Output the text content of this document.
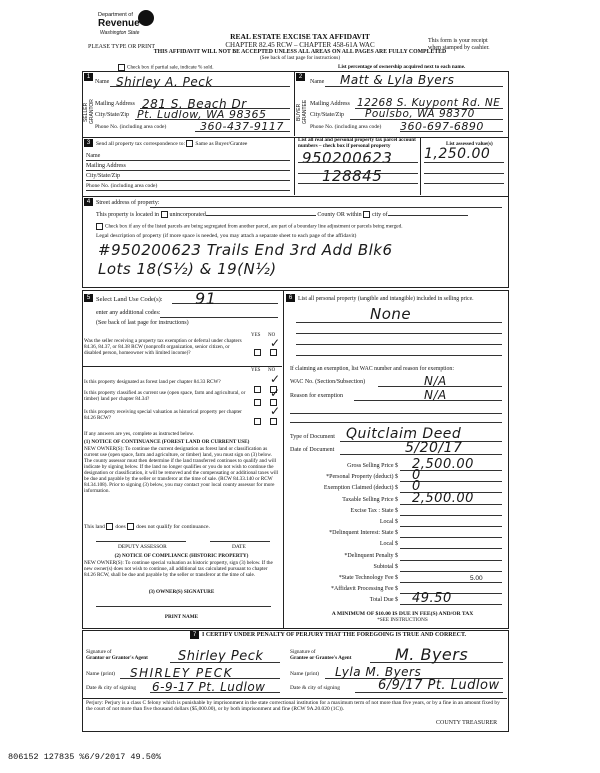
Department of
Revenue
Washington State	REAL ESTATE EXCISE TAX AFFIDAVIT
CHAPTER 82.45 RCW – CHAPTER 458-61A WAC
THIS AFFIDAVIT WILL NOT BE ACCEPTED UNLESS ALL AREAS ON ALL PAGES ARE FULLY COMPLETED
(See back of last page for instructions)
PLEASE TYPE OR PRINT
This form is your receipt when stamped by cashier.
Check box if partial sale, indicate % sold.	List percentage of ownership acquired next to each name.
1	2
SELLER GRANTOR	BUYER GRANTEE
Name Shirley A. Peck
Mailing Address 281 S. Beach Dr
City/State/Zip Pt. Ludlow, WA 98365
Phone No. (including area code)	360-437-9117
Name Matt & Lyla Byers
Mailing Address 12268 S. Kuypont Rd. NE
City/State/Zip Poulsbo, WA 98370
Phone No. (including area code) 360-697-6890
3	Send all property tax correspondence to: Same as Buyer/Grantee
Name
Mailing Address
City/State/Zip
Phone No. (including area code)
List all real and personal property tax parcel account numbers – check box if personal property	List assessed value(s)
950200623
128845
1,250.00
4 Street address of property:
This property is located in unincorporated	County OR within city of
Check box if any of the listed parcels are being segregated from another parcel, are part of a boundary line adjustment or parcels being merged.
Legal description of property (if more space is needed, you may attach a separate sheet to each page of the affidavit)
#950200623 Trails End 3rd Add Blk6
Lots 18(S½) & 19(N½)
5 Select Land Use Code(s): 91
enter any additional codes:
(See back of last page for instructions)
YES NO
Was the seller receiving a property tax exemption or deferral under chapters 84.36, 84.37, or 84.38 RCW (nonprofit organization, senior citizen, or disabled person, homeowner with limited income)?
✓
YES NO
Is this property designated as forest land per chapter 84.33 RCW?	✓
Is this property classified as current use (open space, farm and agricultural, or timber) land per chapter 84.34?	✓
Is this property receiving special valuation as historical property per chapter 84.26 RCW?	✓
If any answers are yes, complete as instructed below.
(1) NOTICE OF CONTINUANCE (FOREST LAND OR CURRENT USE)
NEW OWNER(S): To continue the current designation as forest land or classification as current use (open space, farm and agriculture, or timber) land, you must sign on (3) below. The county assessor must then determine if the land transferred continues to qualify and will indicate by signing below. If the land no longer qualifies or you do not wish to continue the designation or classification, it will be removed and the compensating or additional taxes will be due and payable by the seller or transferor at the time of sale. (RCW 84.33.140 or RCW 84.34.108). Prior to signing (3) below, you may contact your local county assessor for more information.
This land does does not qualify for continuance.
DEPUTY ASSESSOR	DATE
(2) NOTICE OF COMPLIANCE (HISTORIC PROPERTY)
NEW OWNER(S): To continue special valuation as historic property, sign (3) below. If the new owner(s) does not wish to continue, all additional tax calculated pursuant to chapter 84.26 RCW, shall be due and payable by the seller or transferor at the time of sale.
(3) OWNER(S) SIGNATURE
PRINT NAME
6	List all personal property (tangible and intangible) included in selling price.
None
If claiming an exemption, list WAC number and reason for exemption:
WAC No. (Section/Subsection)	N/A
Reason for exemption	N/A
Type of Document Quitclaim Deed
Date of Document	5/20/17
Gross Selling Price $ 2,500.00
*Personal Property (deduct) $ 0
Exemption Claimed (deduct) $ 0
Taxable Selling Price $ 2,500.00
Excise Tax : State $
Local $
*Delinquent Interest: State $
Local $
*Delinquent Penalty $
Subtotal $
*State Technology Fee $	5.00
*Affidavit Processing Fee $
Total Due $ 49.50
A MINIMUM OF $10.00 IS DUE IN FEE(S) AND/OR TAX
*SEE INSTRUCTIONS
7 I CERTIFY UNDER PENALTY OF PERJURY THAT THE FOREGOING IS TRUE AND CORRECT.
Signature of
Grantor or Grantor's Agent Shirley Peck
Name (print) SHIRLEY PECK
Date & city of signing 6-9-17 Pt. Ludlow
Signature of
Grantee or Grantee's Agent	M. Byers
Name (print) Lyla M. Byers
Date & city of signing	6/9/17 Pt. Ludlow
Perjury: Perjury is a class C felony which is punishable by imprisonment in the state correctional institution for a maximum term of not more than five years, or by a fine in an amount fixed by the court of not more than five thousand dollars ($5,000.00), or by both imprisonment and fine (RCW 9A.20.020 (1C)).
COUNTY TREASURER
806152 127835 %6/9/2017 49.50%
